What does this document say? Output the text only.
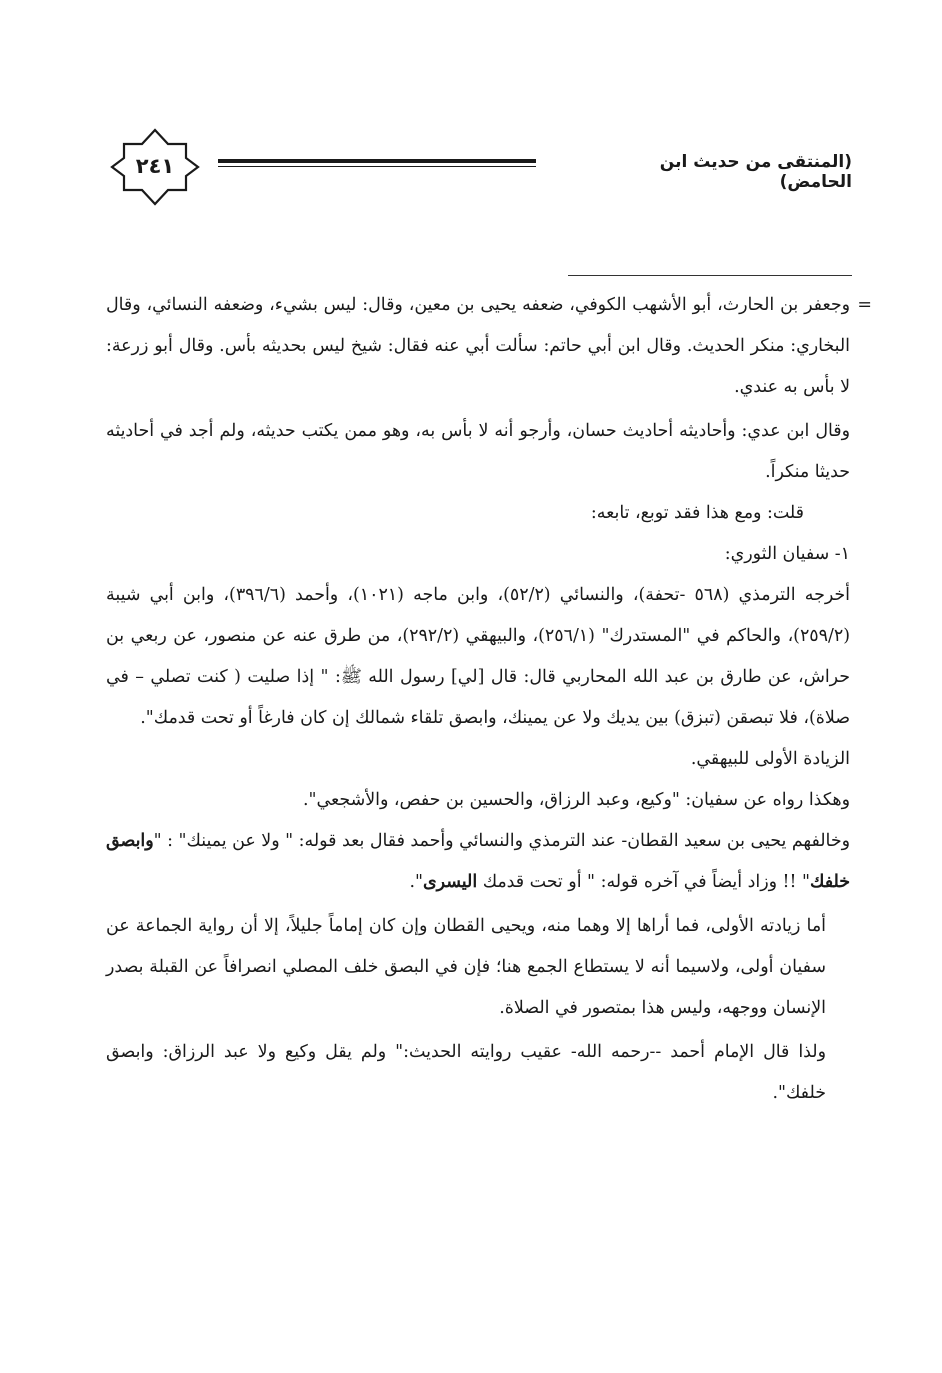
(المنتقى من حديث ابن الحامض)
٢٤١

=
وجعفر بن الحارث، أبو الأشهب الكوفي، ضعفه يحيى بن معين، وقال: ليس بشيء، وضعفه النسائي، وقال البخاري: منكر الحديث. وقال ابن أبي حاتم: سألت أبي عنه فقال: شيخ ليس بحديثه بأس. وقال أبو زرعة: لا بأس به عندي.

وقال ابن عدي: وأحاديثه أحاديث حسان، وأرجو أنه لا بأس به، وهو ممن يكتب حديثه، ولم أجد في أحاديثه حديثا منكراً.

قلت: ومع هذا فقد توبع، تابعه:

١- سفيان الثوري:

أخرجه الترمذي (٥٦٨ -تحفة)، والنسائي (٥٢/٢)، وابن ماجه (١٠٢١)، وأحمد (٣٩٦/٦)، وابن أبي شيبة (٢٥٩/٢)، والحاكم في "المستدرك" (٢٥٦/١)، والبيهقي (٢٩٢/٢)، من طرق عنه عن منصور، عن ربعي بن حراش، عن طارق بن عبد الله المحاربي قال: قال [لي] رسول الله ﷺ: " إذا صليت ( كنت تصلي – في صلاة)، فلا تبصقن (تبزق) بين يديك ولا عن يمينك، وابصق تلقاء شمالك إن كان فارغاً أو تحت قدمك".

الزيادة الأولى للبيهقي.

وهكذا رواه عن سفيان: "وكيع، وعبد الرزاق، والحسين بن حفص، والأشجعي".

وخالفهم يحيى بن سعيد القطان- عند الترمذي والنسائي وأحمد فقال بعد قوله: " ولا عن يمينك" : "وابصق خلفك" !! وزاد أيضاً في آخره قوله: " أو تحت قدمك اليسرى".

أما زيادته الأولى، فما أراها إلا وهما منه، ويحيى القطان وإن كان إماماً جليلاً، إلا أن رواية الجماعة عن سفيان أولى، ولاسيما أنه لا يستطاع الجمع هنا؛ فإن في البصق خلف المصلي انصرافاً عن القبلة بصدر الإنسان ووجهه، وليس هذا بمتصور في الصلاة.

ولذا قال الإمام أحمد --رحمه الله- عقيب روايته الحديث:" ولم يقل وكيع ولا عبد الرزاق: وابصق خلفك".
